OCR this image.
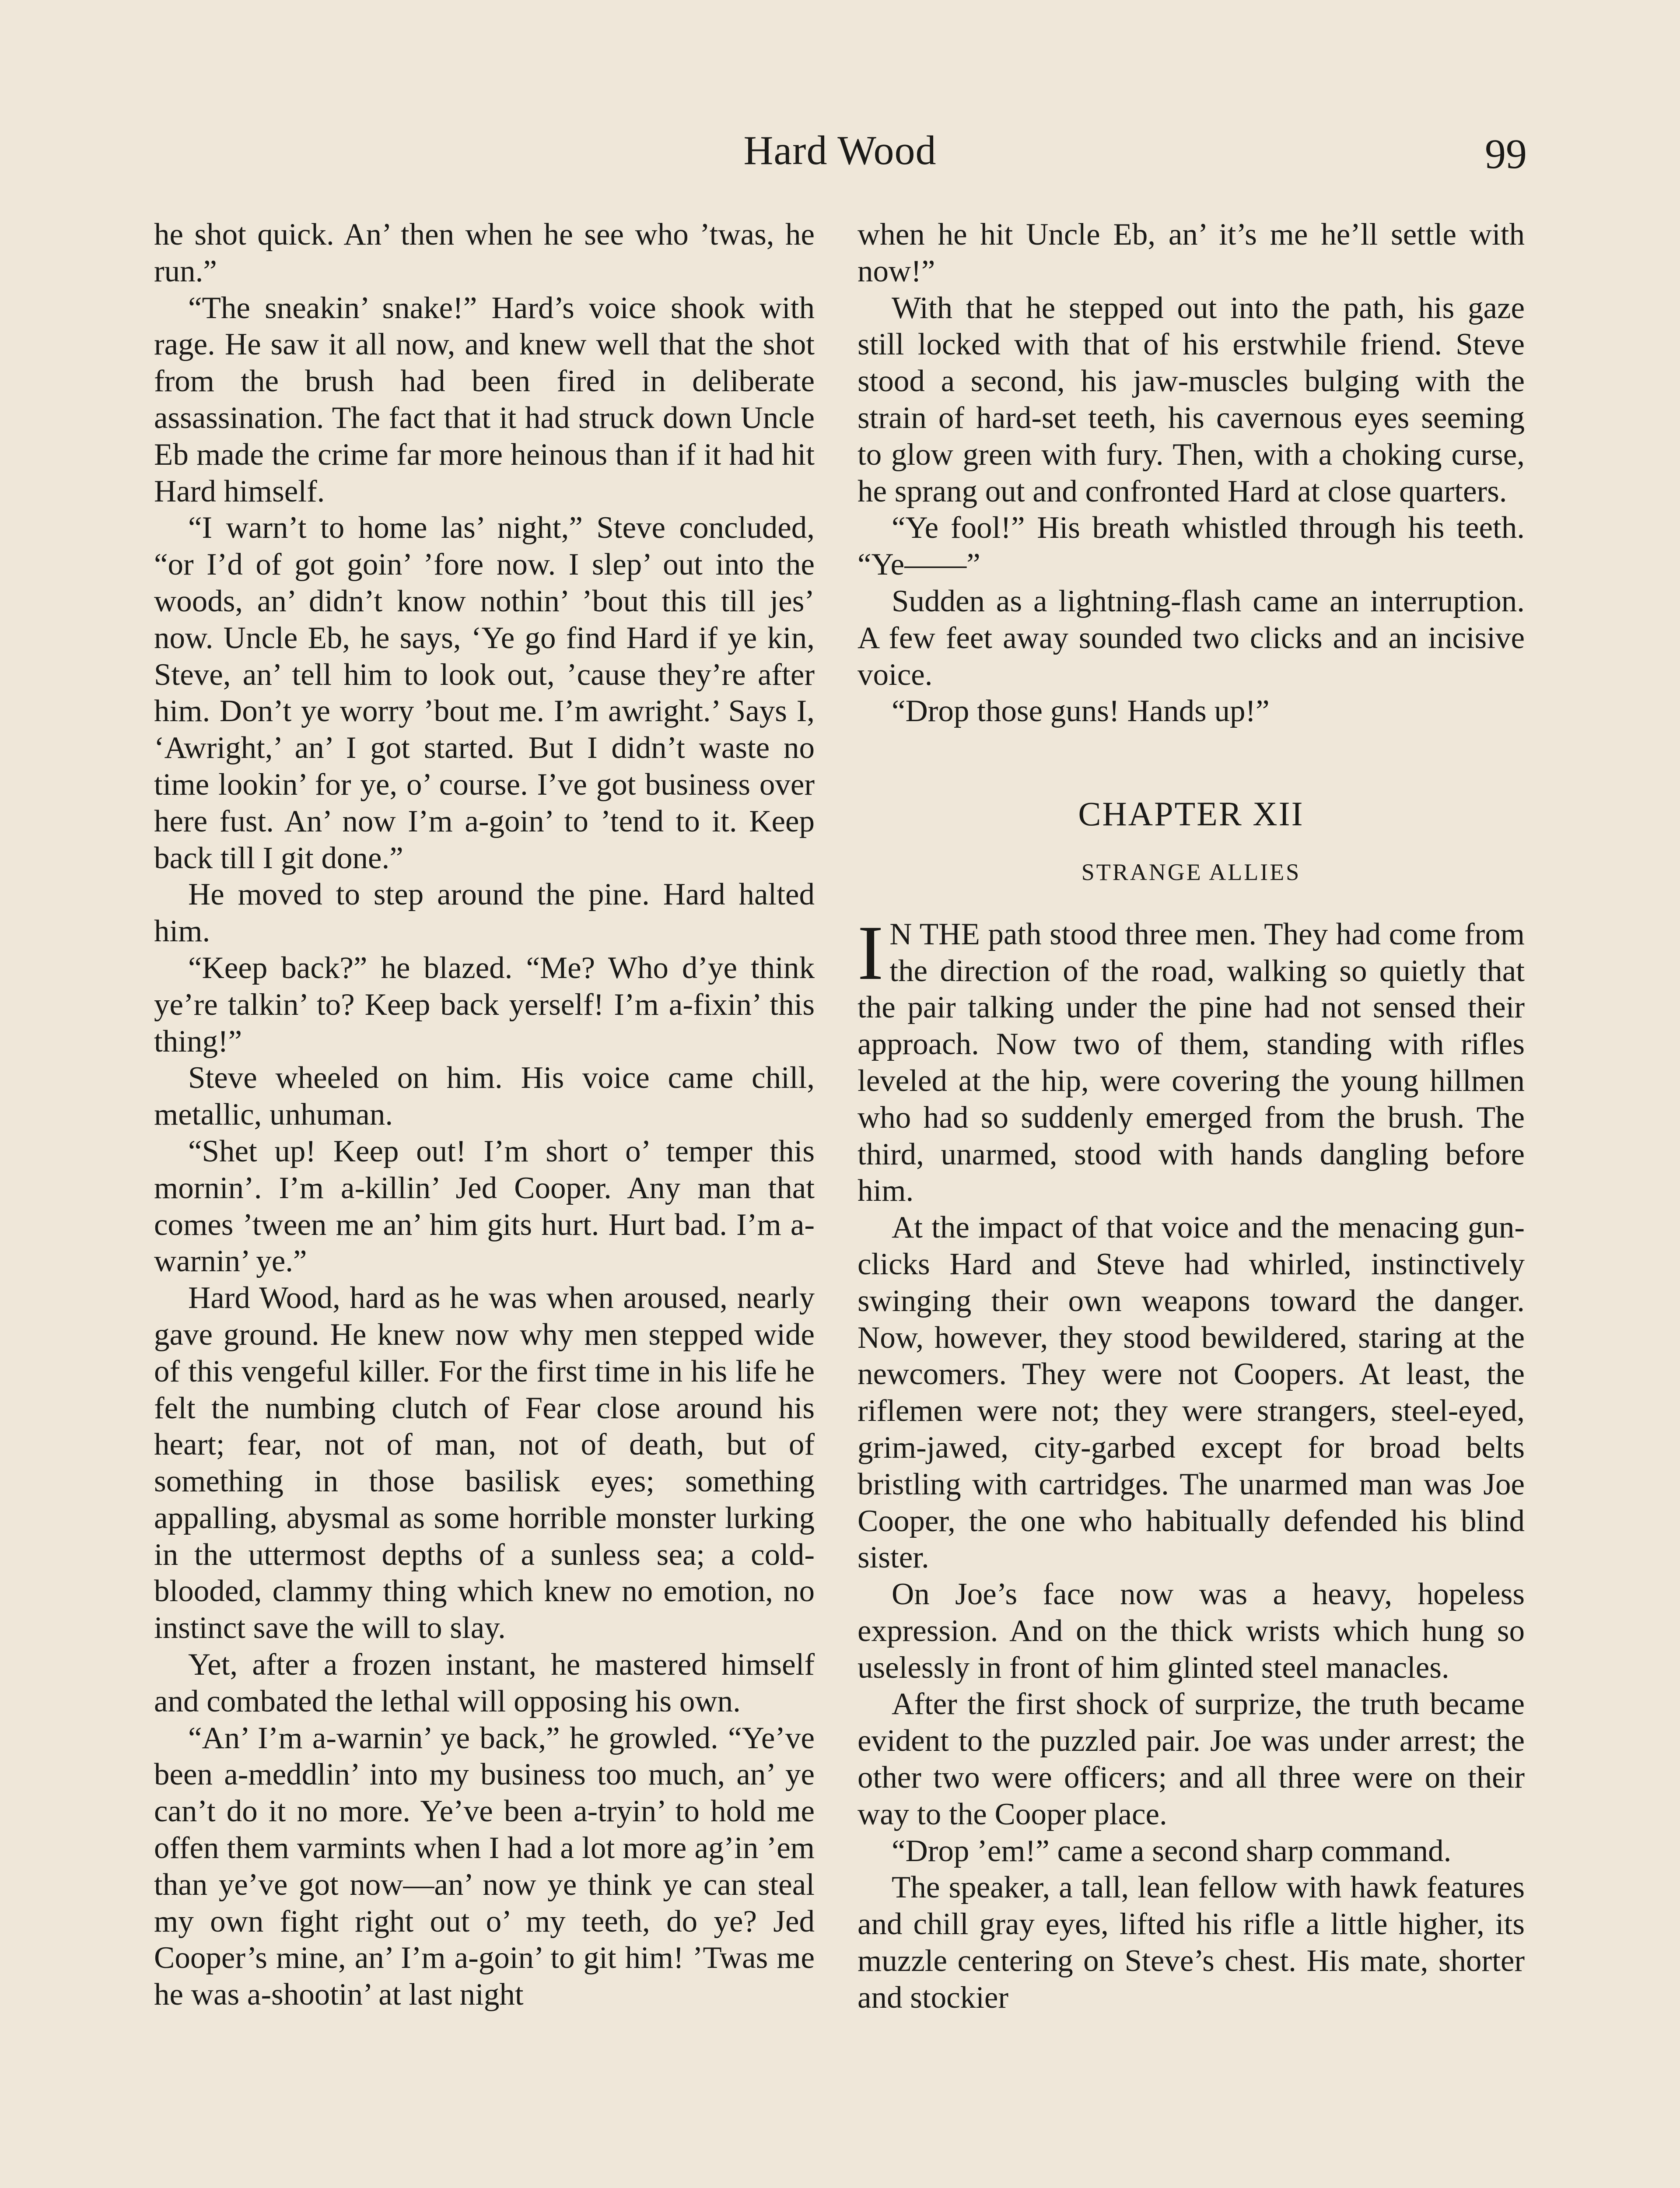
Hard Wood	99

he shot quick. An’ then when he see who ’twas, he run.”

“The sneakin’ snake!” Hard’s voice shook with rage. He saw it all now, and knew well that the shot from the brush had been fired in deliberate assassination. The fact that it had struck down Uncle Eb made the crime far more heinous than if it had hit Hard himself.

“I warn’t to home las’ night,” Steve concluded, “or I’d of got goin’ ’fore now. I slep’ out into the woods, an’ didn’t know nothin’ ’bout this till jes’ now. Uncle Eb, he says, ‘Ye go find Hard if ye kin, Steve, an’ tell him to look out, ’cause they’re after him. Don’t ye worry ’bout me. I’m awright.’ Says I, ‘Awright,’ an’ I got started. But I didn’t waste no time lookin’ for ye, o’ course. I’ve got business over here fust. An’ now I’m a-goin’ to ’tend to it. Keep back till I git done.”

He moved to step around the pine. Hard halted him.

“Keep back?” he blazed. “Me? Who d’ye think ye’re talkin’ to? Keep back yerself! I’m a-fixin’ this thing!”

Steve wheeled on him. His voice came chill, metallic, unhuman.

“Shet up! Keep out! I’m short o’ temper this mornin’. I’m a-killin’ Jed Cooper. Any man that comes ’tween me an’ him gits hurt. Hurt bad. I’m a-warnin’ ye.”

Hard Wood, hard as he was when aroused, nearly gave ground. He knew now why men stepped wide of this vengeful killer. For the first time in his life he felt the numbing clutch of Fear close around his heart; fear, not of man, not of death, but of something in those basilisk eyes; something appalling, abysmal as some horrible monster lurking in the uttermost depths of a sunless sea; a cold-blooded, clammy thing which knew no emotion, no instinct save the will to slay.

Yet, after a frozen instant, he mastered himself and combated the lethal will opposing his own.

“An’ I’m a-warnin’ ye back,” he growled. “Ye’ve been a-meddlin’ into my business too much, an’ ye can’t do it no more. Ye’ve been a-tryin’ to hold me offen them varmints when I had a lot more ag’in ’em than ye’ve got now—an’ now ye think ye can steal my own fight right out o’ my teeth, do ye? Jed Cooper’s mine, an’ I’m a-goin’ to git him! ’Twas me he was a-shootin’ at last night

when he hit Uncle Eb, an’ it’s me he’ll settle with now!”

With that he stepped out into the path, his gaze still locked with that of his erstwhile friend. Steve stood a second, his jaw-muscles bulging with the strain of hard-set teeth, his cavernous eyes seeming to glow green with fury. Then, with a choking curse, he sprang out and confronted Hard at close quarters.

“Ye fool!” His breath whistled through his teeth. “Ye——”

Sudden as a lightning-flash came an interruption. A few feet away sounded two clicks and an incisive voice.

“Drop those guns! Hands up!”

CHAPTER XII
STRANGE ALLIES

I N THE path stood three men. They had come from the direction of the road, walking so quietly that the pair talking under the pine had not sensed their approach. Now two of them, standing with rifles leveled at the hip, were covering the young hillmen who had so suddenly emerged from the brush. The third, unarmed, stood with hands dangling before him.

At the impact of that voice and the menacing gun-clicks Hard and Steve had whirled, instinctively swinging their own weapons toward the danger. Now, however, they stood bewildered, staring at the newcomers. They were not Coopers. At least, the riflemen were not; they were strangers, steel-eyed, grim-jawed, city-garbed except for broad belts bristling with cartridges. The unarmed man was Joe Cooper, the one who habitually defended his blind sister.

On Joe’s face now was a heavy, hopeless expression. And on the thick wrists which hung so uselessly in front of him glinted steel manacles.

After the first shock of surprize, the truth became evident to the puzzled pair. Joe was under arrest; the other two were officers; and all three were on their way to the Cooper place.

“Drop ’em!” came a second sharp command.

The speaker, a tall, lean fellow with hawk features and chill gray eyes, lifted his rifle a little higher, its muzzle centering on Steve’s chest. His mate, shorter and stockier
